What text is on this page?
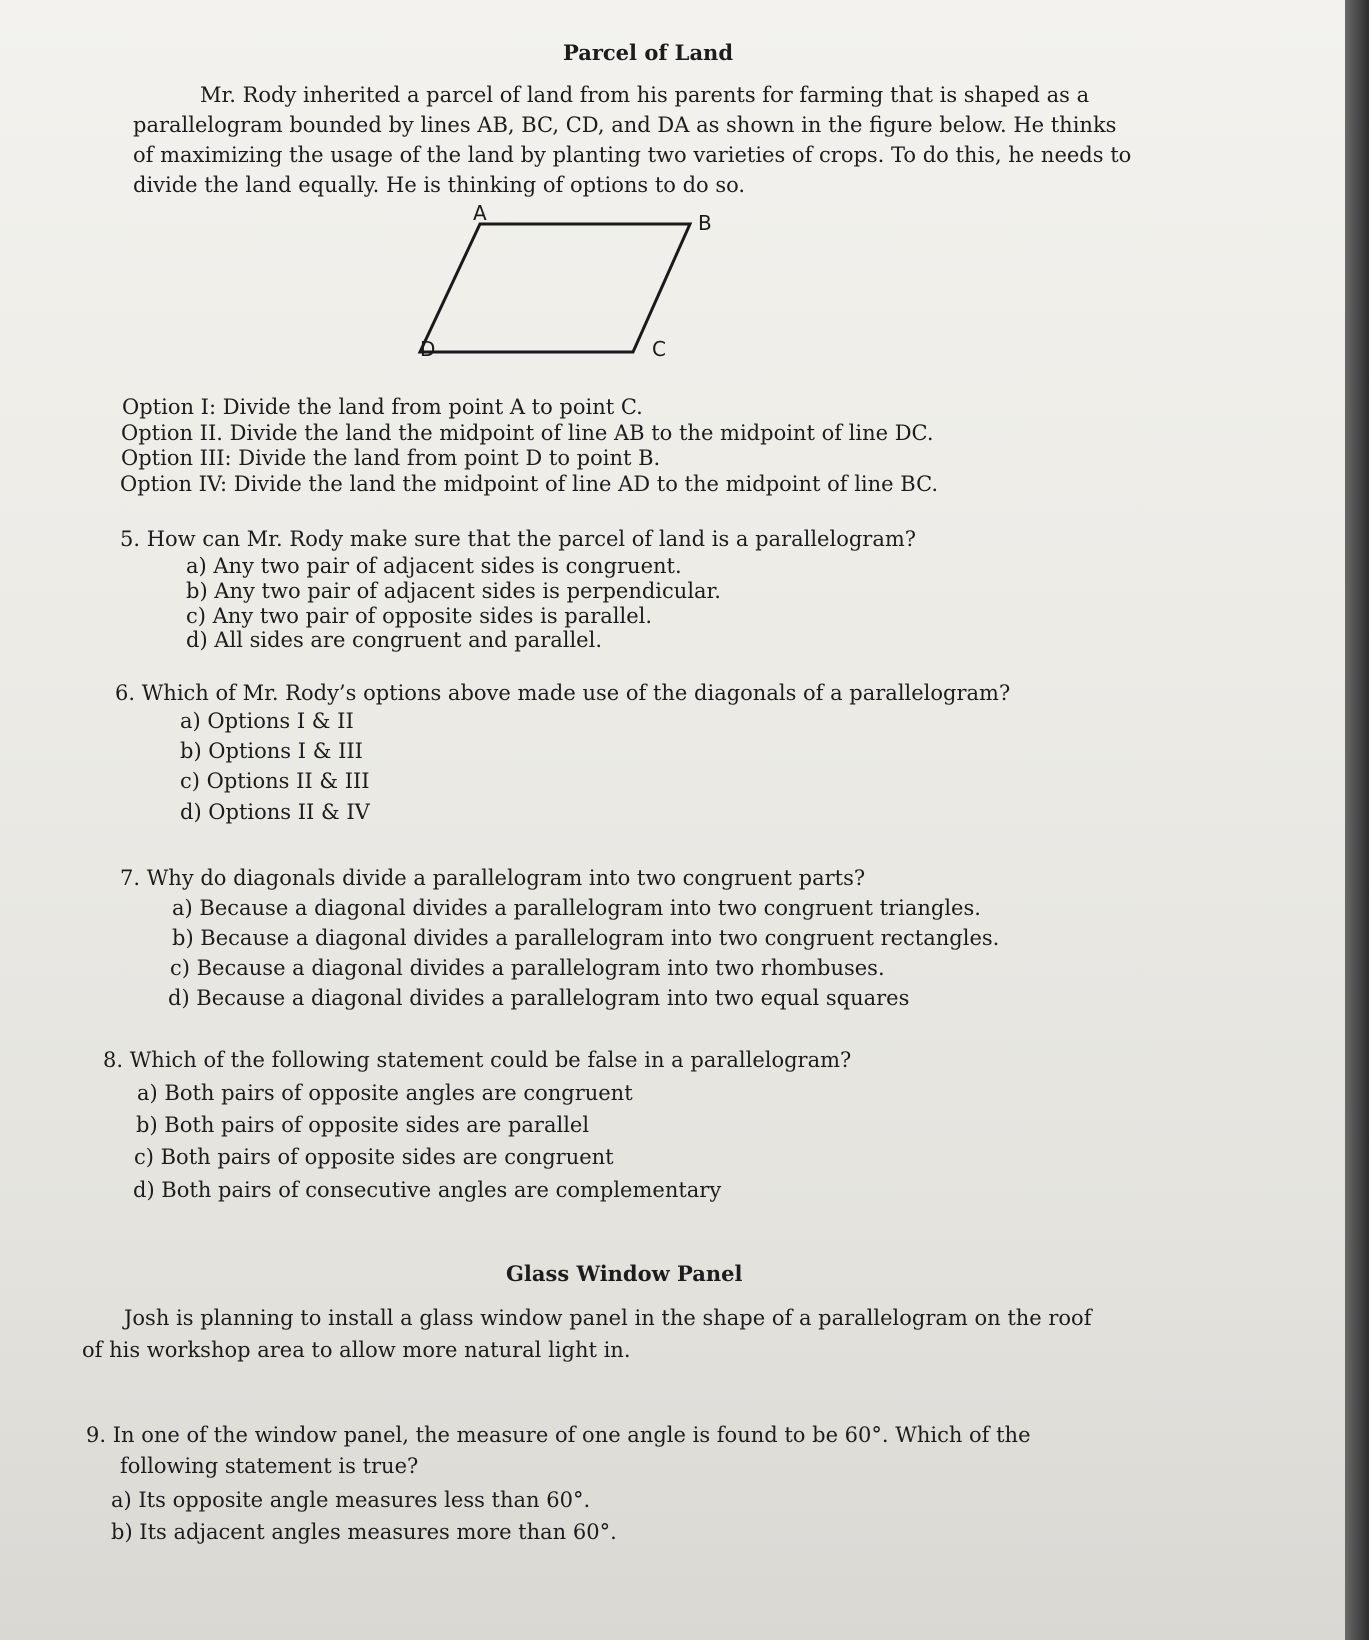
Parcel of Land
Mr. Rody inherited a parcel of land from his parents for farming that is shaped as a
parallelogram bounded by lines AB, BC, CD, and DA as shown in the figure below. He thinks
of maximizing the usage of the land by planting two varieties of crops. To do this, he needs to
divide the land equally. He is thinking of options to do so.
A	B
C
D
Option I: Divide the land from point A to point C.
Option II. Divide the land the midpoint of line AB to the midpoint of line DC.
Option III: Divide the land from point D to point B.
Option IV: Divide the land the midpoint of line AD to the midpoint of line BC.
5. How can Mr. Rody make sure that the parcel of land is a parallelogram?
a) Any two pair of adjacent sides is congruent.
b) Any two pair of adjacent sides is perpendicular.
c) Any two pair of opposite sides is parallel.
d) All sides are congruent and parallel.
6. Which of Mr. Rody’s options above made use of the diagonals of a parallelogram?
a) Options I & II
b) Options I & III
c) Options II & III
d) Options II & IV
7. Why do diagonals divide a parallelogram into two congruent parts?
a) Because a diagonal divides a parallelogram into two congruent triangles.
b) Because a diagonal divides a parallelogram into two congruent rectangles.
c) Because a diagonal divides a parallelogram into two rhombuses.
d) Because a diagonal divides a parallelogram into two equal squares
8. Which of the following statement could be false in a parallelogram?
a) Both pairs of opposite angles are congruent
b) Both pairs of opposite sides are parallel
c) Both pairs of opposite sides are congruent
d) Both pairs of consecutive angles are complementary
Glass Window Panel
Josh is planning to install a glass window panel in the shape of a parallelogram on the roof
of his workshop area to allow more natural light in.
9. In one of the window panel, the measure of one angle is found to be 60°. Which of the
following statement is true?
a) Its opposite angle measures less than 60°.
b) Its adjacent angles measures more than 60°.
